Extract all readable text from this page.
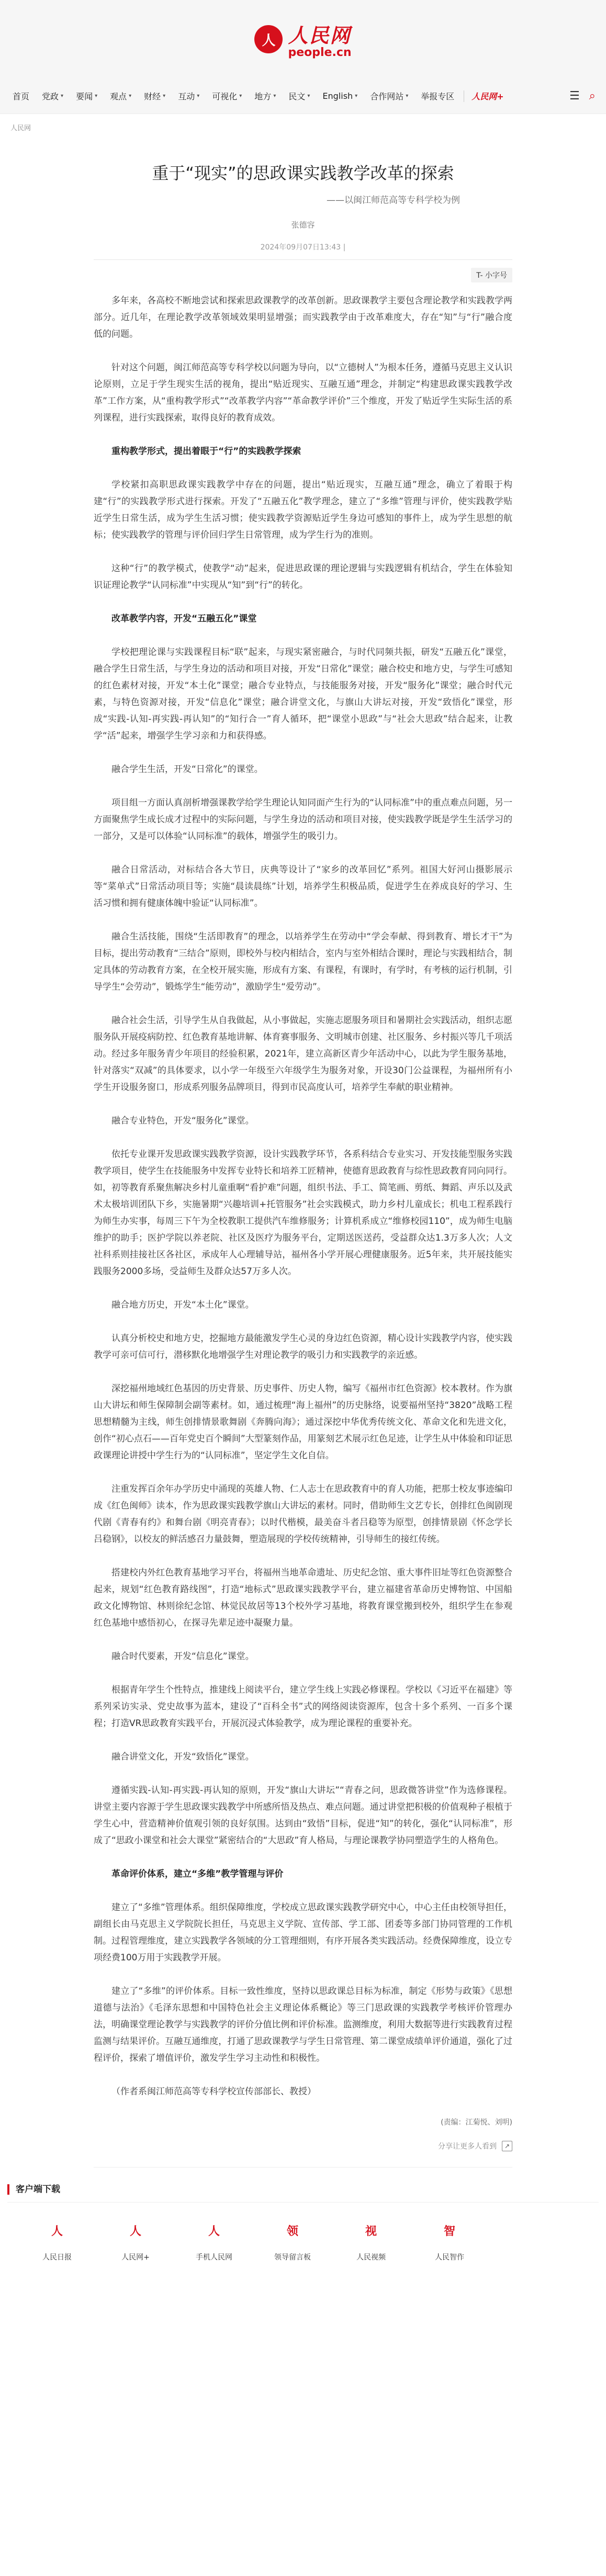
人 人民网
people.cn
首页 党政 ▾ 要闻 ▾ 观点 ▾ 财经 ▾ 互动 ▾ 可视化 ▾ 地方 ▾ 民文 ▾ English ▾ 合作网站 ▾ 举报专区	人民网+	☰ ⌕
人民网
重于“现实”的思政课实践教学改革的探索
——以闽江师范高等专科学校为例
张德容
2024年09月07日13:43 |
T- 小字号

多年来，各高校不断地尝试和探索思政课教学的改革创新。思政课教学主要包含理论教学和实践教学两部分。近几年，在理论教学改革领域效果明显增强；而实践教学由于改革难度大，存在“知”与“行”融合度低的问题。

针对这个问题，闽江师范高等专科学校以问题为导向，以“立德树人”为根本任务，遵循马克思主义认识论原则，立足于学生现实生活的视角，提出“贴近现实、互融互通”理念，并制定“构建思政课实践教学改革”工作方案，从“重构教学形式”“改革教学内容”“革命教学评价”三个维度，开发了贴近学生实际生活的系列课程，进行实践探索，取得良好的教育成效。

重构教学形式，提出着眼于“行”的实践教学探索

学校紧扣高职思政课实践教学中存在的问题，提出“贴近现实，互融互通”理念，确立了着眼于构建“行”的实践教学形式进行探索。开发了“五融五化”教学理念，建立了“多维”管理与评价，使实践教学贴近学生日常生活，成为学生生活习惯；使实践教学资源贴近学生身边可感知的事件上，成为学生思想的航标；使实践教学的管理与评价回归学生日常管理，成为学生行为的准则。

这种“行”的教学模式，使教学“动”起来，促进思政课的理论逻辑与实践逻辑有机结合，学生在体验知识证理论教学“认同标准”中实现从“知”到“行”的转化。

改革教学内容，开发“五融五化”课堂

学校把理论课与实践课程目标“联”起来，与现实紧密融合，与时代同频共振，研发“五融五化”课堂，融合学生日常生活，与学生身边的活动和项目对接，开发“日常化”课堂；融合校史和地方史，与学生可感知的红色素材对接，开发“本土化”课堂；融合专业特点，与技能服务对接，开发“服务化”课堂；融合时代元素，与特色资源对接，开发“信息化”课堂；融合讲堂文化，与旗山大讲坛对接，开发“致悟化”课堂，形成“实践-认知-再实践-再认知”的“知行合一”育人循环，把“课堂小思政”与“社会大思政”结合起来，让教学“活”起来，增强学生学习亲和力和获得感。

融合学生生活，开发“日常化”的课堂。

项目组一方面认真剖析增强课教学给学生理论认知同面产生行为的“认同标准”中的重点难点问题，另一方面聚焦学生成长成才过程中的实际问题，与学生身边的活动和项目对接，使实践教学既是学生生活学习的一部分，又是可以体验“认同标准”的载体，增强学生的吸引力。

融合日常活动，对标结合各大节日，庆典等设计了“家乡的改革回忆”系列。祖国大好河山摄影展示等“菜单式”日常活动项目等；实施“晨读晨练”计划，培养学生积极品质，促进学生在养成良好的学习、生活习惯和拥有健康体魄中验证“认同标准”。

融合生活技能，围绕“生活即教育”的理念，以培养学生在劳动中“学会奉献、得到教育、增长才干”为目标，提出劳动教育“三结合”原则，即校外与校内相结合，室内与室外相结合课时，理论与实践相结合，制定具体的劳动教育方案，在全校开展实施，形成有方案、有课程，有课时，有学时，有考核的运行机制，引导学生“会劳动”，锻炼学生“能劳动”，激励学生“爱劳动”。

融合社会生活，引导学生从自我做起，从小事做起，实施志愿服务项目和暑期社会实践活动，组织志愿服务队开展疫病防控、红色教育基地讲解、体育赛事服务、文明城市创建、社区服务、乡村振兴等几千项活动。经过多年服务青少年项目的经验积累，2021年，建立高新区青少年活动中心，以此为学生服务基地，针对落实“双减”的具体要求，以小学一年级至六年级学生为服务对象，开设30门公益课程，为福州所有小学生开设服务窗口，形成系列服务品牌项目，得到市民高度认可，培养学生奉献的职业精神。

融合专业特色，开发“服务化”课堂。

依托专业课开发思政课实践教学资源，设计实践教学环节，各系科结合专业实习、开发技能型服务实践教学项目，使学生在技能服务中发挥专业特长和培养工匠精神，使德育思政教育与综性思政教育同向同行。如，初等教育系聚焦解决乡村儿童重啊“看护难”问题，组织书法、手工、简笔画、剪纸、舞蹈、声乐以及武术太极培训团队下乡，实施暑期“兴趣培训+托管服务”社会实践模式，助力乡村儿童成长；机电工程系践行为师生办实事，每周三下午为全校教职工提供汽车维修服务；计算机系成立“维修校园110”，成为师生电脑维护的助手；医护学院以养老院、社区及医疗为服务平台，定期送医送药，受益群众达1.3万多人次；人文社科系则挂接社区各社区，承成年人心理辅导站，福州各小学开展心理健康服务。近5年来，共开展技能实践服务2000多场，受益师生及群众达57万多人次。

融合地方历史，开发“本土化”课堂。

认真分析校史和地方史，挖掘地方最能激发学生心灵的身边红色资源，精心设计实践教学内容，使实践教学可亲可信可行，潜移默化地增强学生对理论教学的吸引力和实践教学的亲近感。

深挖福州地域红色基因的历史背景、历史事件、历史人物，编写《福州市红色资源》校本教材。作为旗山大讲坛和师生保障制会副等素材。如，通过梳理“海上福州”的历史脉络，说要福州坚持“3820”战略工程思想精髓为主线，师生创排情景歌舞剧《奔腾向海》；通过深挖中华优秀传统文化、革命文化和先进文化，创作“初心点石——百年党史百个瞬间”大型篆刻作品，用篆刻艺术展示红色足迹，让学生从中体验和印证思政课理论讲授中学生行为的“认同标准”，坚定学生文化自信。

注重发挥百余年办学历史中涌现的英雄人物、仁人志士在思政教育中的育人功能，把那士校友事迹编印成《红色闽师》读本，作为思政课实践教学旗山大讲坛的素材。同时，借助师生文艺专长，创排红色闽剧现代剧《青春有约》和舞台剧《明亮青春》；以时代楷模，最美奋斗者吕稳等为原型，创排情景剧《怀念学长吕稳钢》，以校友的鲜活感召力量鼓舞，塑造展现的学校传统精神，引导师生的接红传统。

搭建校内外红色教育基地学习平台，将福州当地革命遗址、历史纪念馆、重大事件旧址等红色资源整合起来，规划“红色教育路线图”，打造“地标式”思政课实践教学平台，建立福建省革命历史博物馆、中国船政文化博物馆、林则徐纪念馆、林觉民故居等13个校外学习基地，将教育课堂搬到校外，组织学生在参观红色基地中感悟初心，在探寻先辈足迹中凝聚力量。

融合时代要素，开发“信息化”课堂。

根据青年学生个性特点，推建线上阅读平台，建立学生线上实践必修课程。学校以《习近平在福建》等系列采访实录、党史故事为蓝本，建设了“百科全书”式的网络阅读资源库，包含十多个系列、一百多个课程；打造VR思政教育实践平台，开展沉浸式体验教学，成为理论课程的重要补充。

融合讲堂文化，开发“致悟化”课堂。

遵循实践-认知-再实践-再认知的原则，开发“旗山大讲坛”“青春之问，思政微答讲堂”作为选修课程。讲堂主要内容源于学生思政课实践教学中所感所悟及热点、难点问题。通过讲堂把积极的价值观种子根植于学生心中，营造精神价值观引领的良好氛围。达到由“致悟”目标，促进“知”的转化，强化“认同标准”，形成了“思政小课堂和社会大课堂”紧密结合的“大思政”育人格局，与理论课教学协同塑造学生的人格角色。

革命评价体系，建立“多维”教学管理与评价

建立了“多维”管理体系。组织保障维度，学校成立思政课实践教学研究中心，中心主任由校领导担任，副组长由马克思主义学院院长担任，马克思主义学院、宣传部、学工部、团委等多部门协同管理的工作机制。过程管理维度，建立实践教学各领域的分工管理细则，有序开展各类实践活动。经费保障维度，设立专项经费100万用于实践教学开展。

建立了“多维”的评价体系。目标一致性维度，坚持以思政课总目标为标准，制定《形势与政策》《思想道德与法治》《毛泽东思想和中国特色社会主义理论体系概论》等三门思政课的实践教学考核评价管理办法，明确课堂理论教学与实践教学的评价分值比例和评价标准。监测维度，利用大数据等进行实践教育过程监测与结果评价。互融互通维度，打通了思政课教学与学生日常管理、第二课堂成绩单评价通道，强化了过程评价，探索了增值评价，激发学生学习主动性和积极性。

（作者系闽江师范高等专科学校宣传部部长、教授）

(责编：江菊悦、刘明)
分享让更多人看到	↗
客户端下载
人
人民日报
人
人民网+
人
手机人民网
领
领导留言板
视
人民视频
智
人民智作
